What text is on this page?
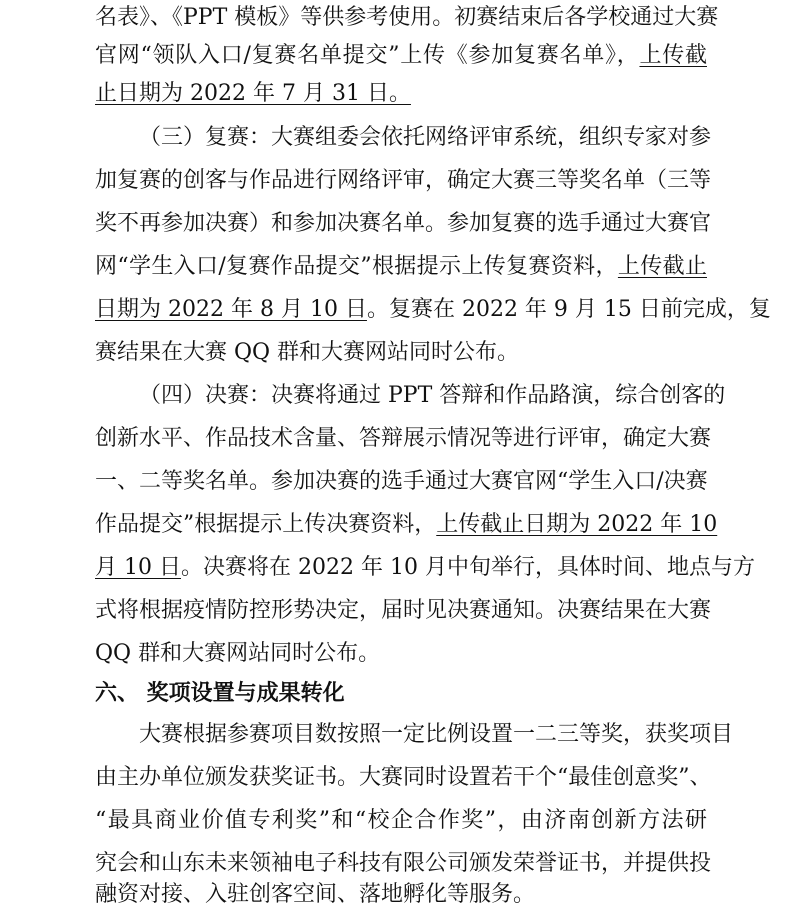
名表》、《PPT 模板》等供参考使用。初赛结束后各学校通过大赛
官网“领队入口/复赛名单提交”上传《参加复赛名单》，上传截
止日期为 2022 年 7 月 31 日。
（三）复赛：大赛组委会依托网络评审系统，组织专家对参
加复赛的创客与作品进行网络评审，确定大赛三等奖名单（三等
奖不再参加决赛）和参加决赛名单。参加复赛的选手通过大赛官
网“学生入口/复赛作品提交”根据提示上传复赛资料，上传截止
日期为 2022 年 8 月 10 日。复赛在 2022 年 9 月 15 日前完成，复
赛结果在大赛 QQ 群和大赛网站同时公布。
（四）决赛：决赛将通过 PPT 答辩和作品路演，综合创客的
创新水平、作品技术含量、答辩展示情况等进行评审，确定大赛
一、二等奖名单。参加决赛的选手通过大赛官网“学生入口/决赛
作品提交”根据提示上传决赛资料，上传截止日期为 2022 年 10
月 10 日。决赛将在 2022 年 10 月中旬举行，具体时间、地点与方
式将根据疫情防控形势决定，届时见决赛通知。决赛结果在大赛
QQ 群和大赛网站同时公布。
六、 奖项设置与成果转化
大赛根据参赛项目数按照一定比例设置一二三等奖，获奖项目
由主办单位颁发获奖证书。大赛同时设置若干个“最佳创意奖”、
“最具商业价值专利奖”和“校企合作奖”，由济南创新方法研
究会和山东未来领袖电子科技有限公司颁发荣誉证书，并提供投
融资对接、入驻创客空间、落地孵化等服务。
